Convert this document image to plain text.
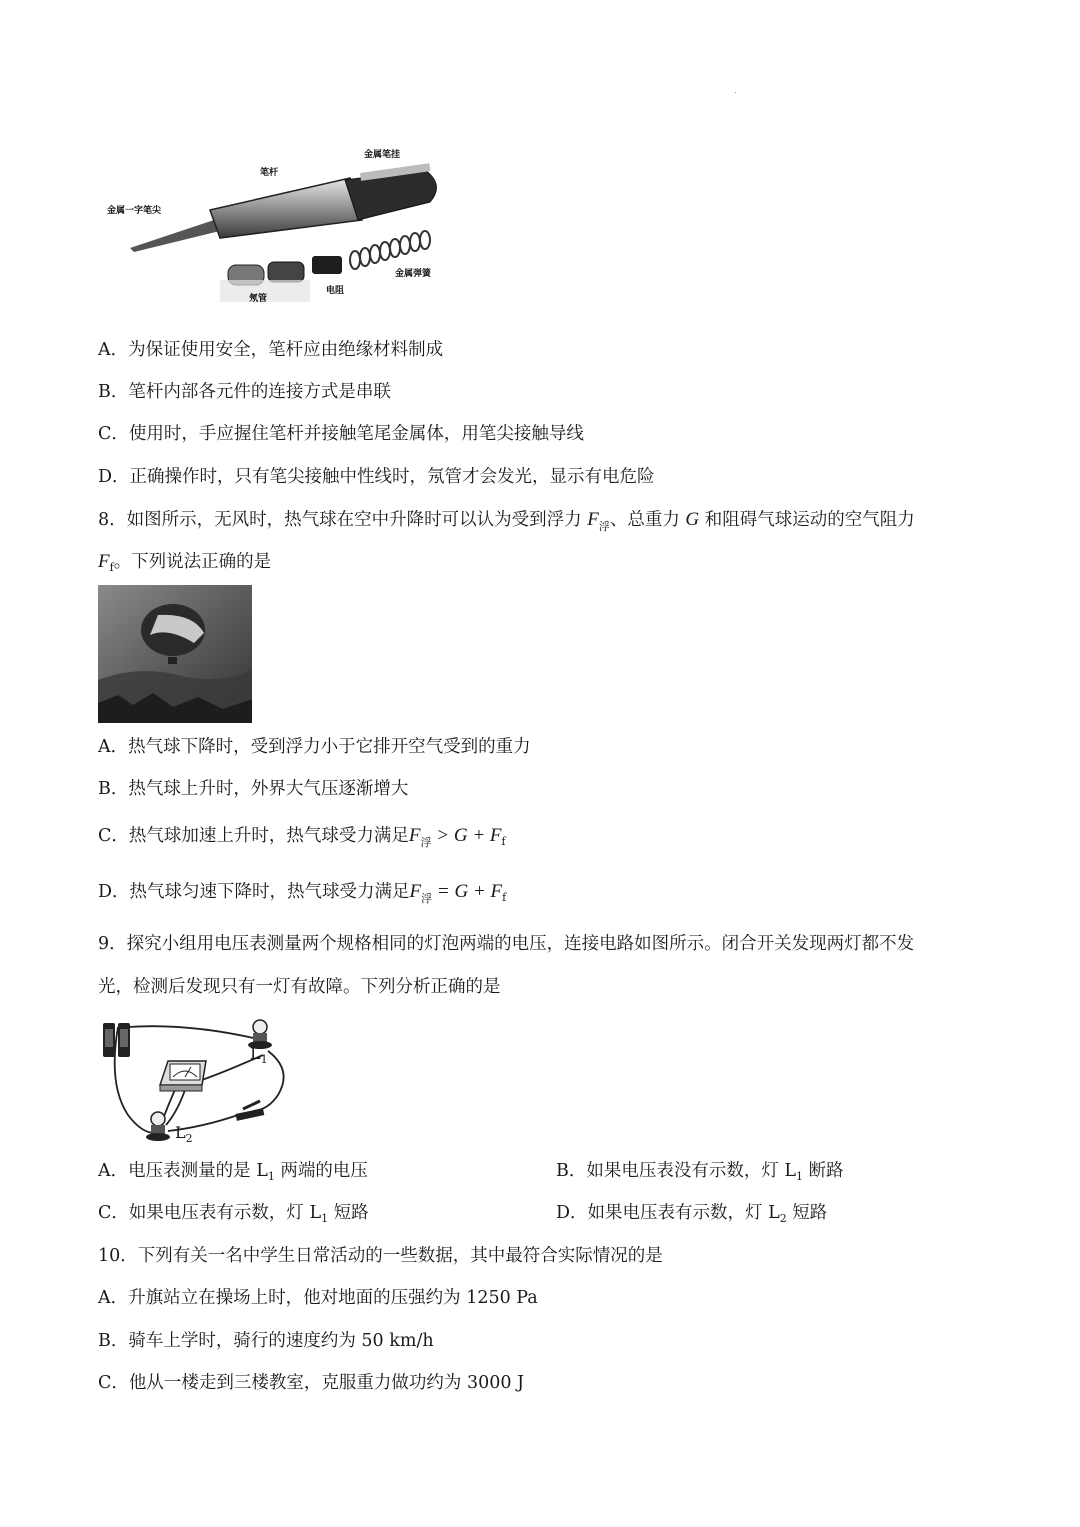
金属笔挂
笔杆
金属一字笔尖
氖管
电阻
金属弹簧
A．为保证使用安全，笔杆应由绝缘材料制成
B．笔杆内部各元件的连接方式是串联
C．使用时，手应握住笔杆并接触笔尾金属体，用笔尖接触导线
D．正确操作时，只有笔尖接触中性线时，氖管才会发光，显示有电危险
8．如图所示，无风时，热气球在空中升降时可以认为受到浮力 $F_浮$、总重力 G 和阻碍气球运动的空气阻力
$F_f$。下列说法正确的是
A．热气球下降时，受到浮力小于它排开空气受到的重力
B．热气球上升时，外界大气压逐渐增大
C．热气球加速上升时，热气球受力满足$F_浮 > G + F_f$
D．热气球匀速下降时，热气球受力满足$F_浮 = G + F_f$
9．探究小组用电压表测量两个规格相同的灯泡两端的电压，连接电路如图所示。闭合开关发现两灯都不发
光，检测后发现只有一灯有故障。下列分析正确的是
$L_1$
$L_2$
A．电压表测量的是 $L_1$ 两端的电压	B．如果电压表没有示数，灯 $L_1$ 断路
C．如果电压表有示数，灯 $L_1$ 短路	D．如果电压表有示数，灯 $L_2$ 短路
10．下列有关一名中学生日常活动的一些数据，其中最符合实际情况的是
A．升旗站立在操场上时，他对地面的压强约为 1250 Pa
B．骑车上学时，骑行的速度约为 50 km/h
C．他从一楼走到三楼教室，克服重力做功约为 3000 J
